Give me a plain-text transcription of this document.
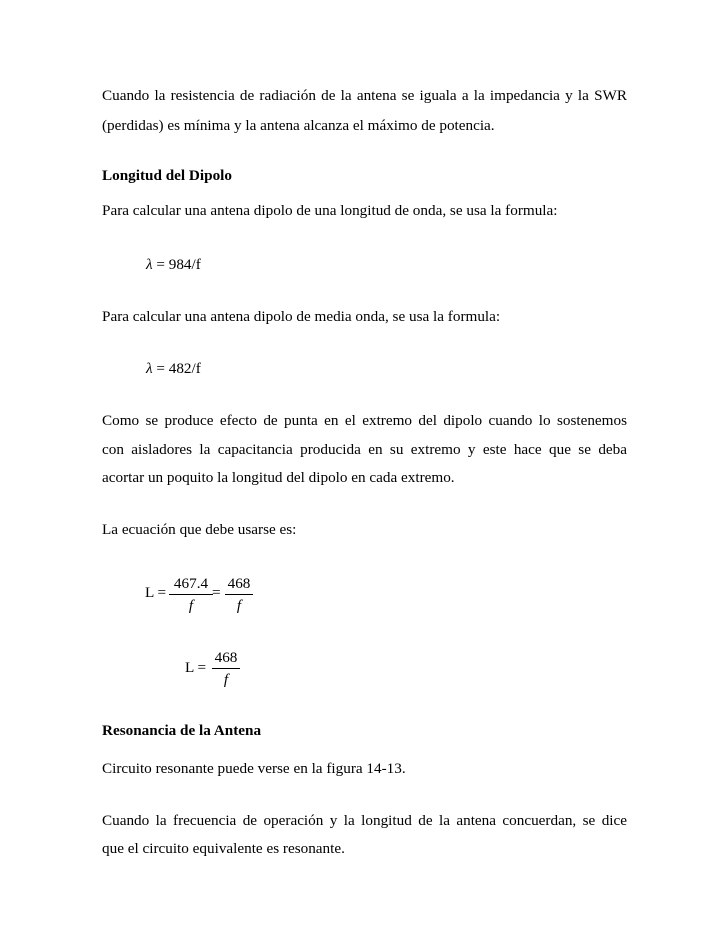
Cuando la resistencia de radiación de la antena se iguala a la impedancia y la SWR
(perdidas) es mínima y la antena alcanza el máximo de potencia.
Longitud del Dipolo
Para calcular una antena dipolo de una longitud de onda, se usa la formula:
λ = 984/f
Para calcular una antena dipolo de media onda, se usa la formula:
λ = 482/f
Como se produce efecto de punta en el extremo del dipolo cuando lo sostenemos
con aisladores la capacitancia producida en su extremo y este hace que se deba
acortar un poquito la longitud del dipolo en cada extremo.
La ecuación que debe usarse es:
L =
467.4
f
=
468
f
L =
468
f
Resonancia de la Antena
Circuito resonante puede verse en la figura 14-13.
Cuando la frecuencia de operación y la longitud de la antena concuerdan, se dice
que el circuito equivalente es resonante.
